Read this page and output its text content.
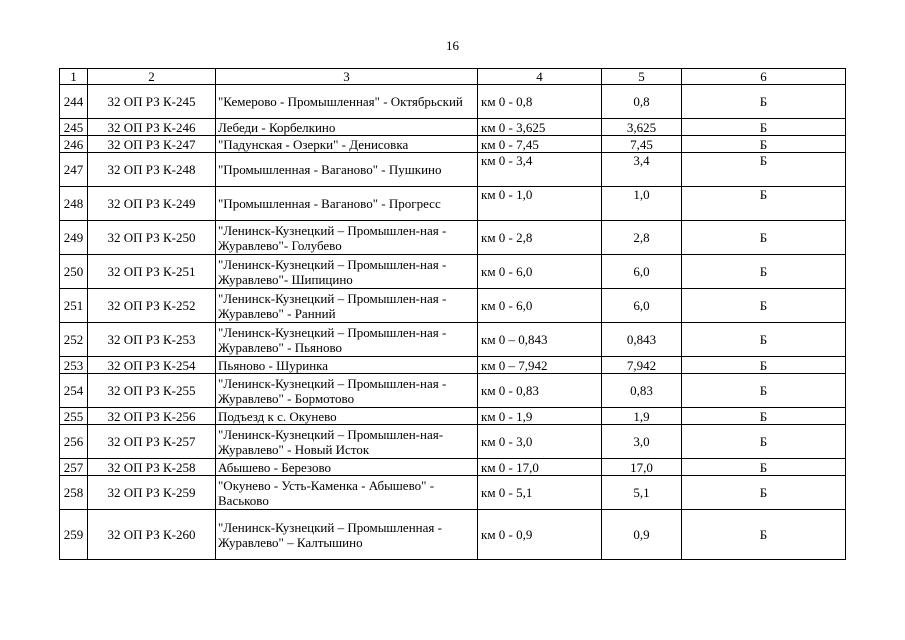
16
1	2	3	4	5	6
244	32 ОП РЗ К-245	"Кемерово - Промышленная" - Октябрьский	км 0 - 0,8	0,8	Б
245	32 ОП РЗ К-246	Лебеди - Корбелкино	км 0 - 3,625	3,625	Б
246	32 ОП РЗ К-247	"Падунская - Озерки" - Денисовка	км 0 - 7,45	7,45	Б
247	32 ОП РЗ К-248	"Промышленная - Ваганово" - Пушкино	км 0 - 3,4	3,4	Б
248	32 ОП РЗ К-249	"Промышленная - Ваганово" - Прогресс	км 0 - 1,0	1,0	Б
249	32 ОП РЗ К-250	"Ленинск-Кузнецкий – Промышлен-ная - Журавлево"- Голубево	км 0 - 2,8	2,8	Б
250	32 ОП РЗ К-251	"Ленинск-Кузнецкий – Промышлен-ная - Журавлево"- Шипицино	км 0 - 6,0	6,0	Б
251	32 ОП РЗ К-252	"Ленинск-Кузнецкий – Промышлен-ная - Журавлево" - Ранний	км 0 - 6,0	6,0	Б
252	32 ОП РЗ К-253	"Ленинск-Кузнецкий – Промышлен-ная - Журавлево" - Пьяново	км 0 – 0,843	0,843	Б
253	32 ОП РЗ К-254	Пьяново - Шуринка	км 0 – 7,942	7,942	Б
254	32 ОП РЗ К-255	"Ленинск-Кузнецкий – Промышлен-ная - Журавлево" - Бормотово	км 0 - 0,83	0,83	Б
255	32 ОП РЗ К-256	Подъезд к с. Окунево	км 0 - 1,9	1,9	Б
256	32 ОП РЗ К-257	"Ленинск-Кузнецкий – Промышлен-ная- Журавлево" - Новый Исток	км 0 - 3,0	3,0	Б
257	32 ОП РЗ К-258	Абышево - Березово	км 0 - 17,0	17,0	Б
258	32 ОП РЗ К-259	"Окунево - Усть-Каменка - Абышево" - Васьково	км 0 - 5,1	5,1	Б
259	32 ОП РЗ К-260	"Ленинск-Кузнецкий – Промышленная - Журавлево" – Калтышино	км 0 - 0,9	0,9	Б
